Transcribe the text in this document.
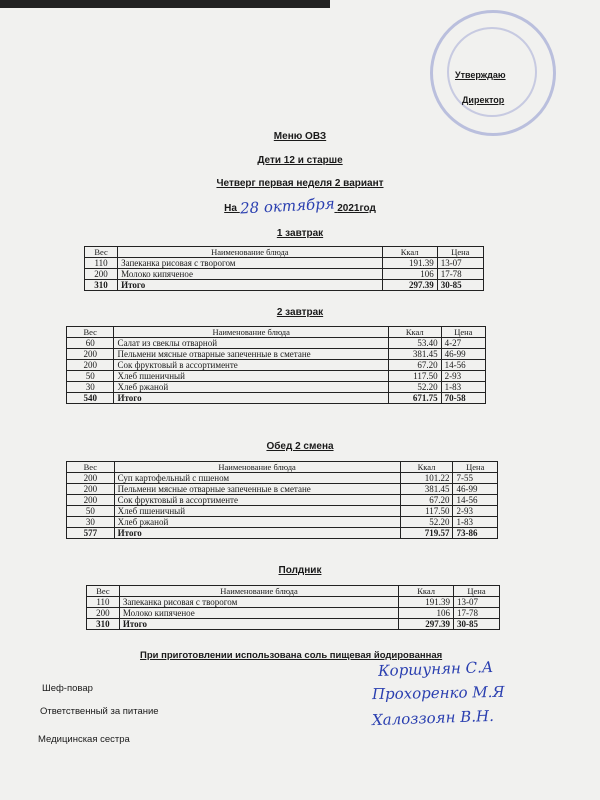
Утверждаю
Директор
Меню ОВЗ
Дети 12 и старше
Четверг первая неделя 2 вариант
На 28 октября 2021год
1 завтрак
Вес	Наименование блюда	Ккал	Цена
110	Запеканка рисовая с творогом	191.39	13-07
200	Молоко кипяченое	106	17-78
310	Итого	297.39	30-85
2 завтрак
Вес	Наименование блюда	Ккал	Цена
60	Салат из свеклы отварной	53.40	4-27
200	Пельмени мясные отварные запеченные в сметане	381.45	46-99
200	Сок фруктовый в ассортименте	67.20	14-56
50	Хлеб пшеничный	117.50	2-93
30	Хлеб ржаной	52.20	1-83
540	Итого	671.75	70-58
Обед 2 смена
Вес	Наименование блюда	Ккал	Цена
200	Суп картофельный с пшеном	101.22	7-55
200	Пельмени мясные отварные запеченные в сметане	381.45	46-99
200	Сок фруктовый в ассортименте	67.20	14-56
50	Хлеб пшеничный	117.50	2-93
30	Хлеб ржаной	52.20	1-83
577	Итого	719.57	73-86
Полдник
Вес	Наименование блюда	Ккал	Цена
110	Запеканка рисовая с творогом	191.39	13-07
200	Молоко кипяченое	106	17-78
310	Итого	297.39	30-85
При приготовлении использована соль пищевая йодированная
Шеф-повар
Ответственный за питание
Медицинская сестра
Коршунян С.А
Прохоренко М.Я
Халоззоян В.Н.
